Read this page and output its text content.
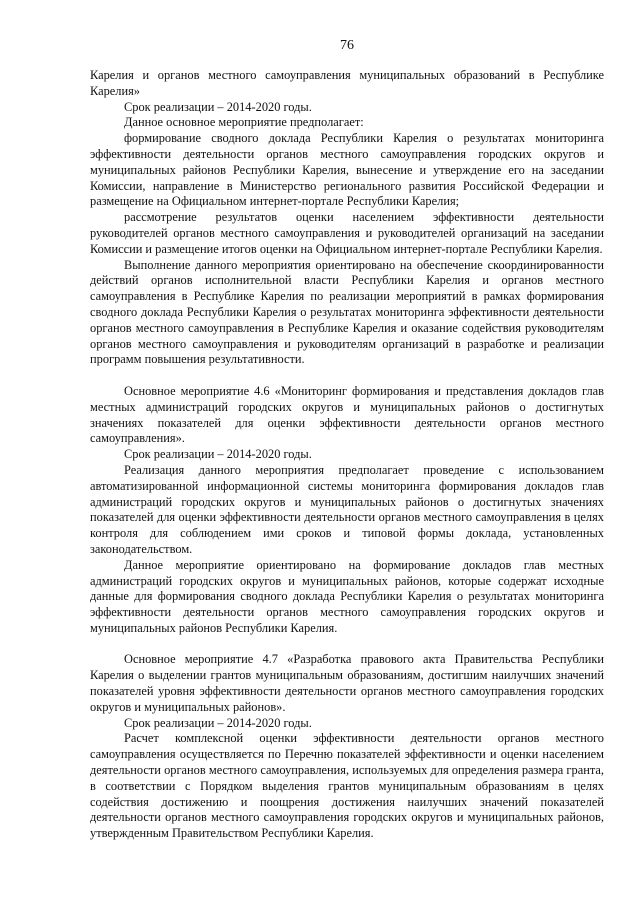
76

Карелия и органов местного самоуправления муниципальных образований в Республике Карелия»

Срок реализации – 2014-2020 годы.

Данное основное мероприятие предполагает:

формирование сводного доклада Республики Карелия о результатах мониторинга эффективности деятельности органов местного самоуправления городских округов и муниципальных районов Республики Карелия, вынесение и утверждение его на заседании Комиссии, направление в Министерство регионального развития Российской Федерации и размещение на Официальном интернет-портале Республики Карелия;

рассмотрение результатов оценки населением эффективности деятельности руководителей органов местного самоуправления и руководителей организаций на заседании Комиссии и размещение итогов оценки на Официальном интернет-портале Республики Карелия.

Выполнение данного мероприятия ориентировано на обеспечение скоординированности действий органов исполнительной власти Республики Карелия и органов местного самоуправления в Республике Карелия по реализации мероприятий в рамках формирования сводного доклада Республики Карелия о результатах мониторинга эффективности деятельности органов местного самоуправления в Республике Карелия и оказание содействия руководителям органов местного самоуправления и руководителям организаций в разработке и реализации программ повышения результативности.

Основное мероприятие 4.6 «Мониторинг формирования и представления докладов глав местных администраций городских округов и муниципальных районов о достигнутых значениях показателей для оценки эффективности деятельности органов местного самоуправления».

Срок реализации – 2014-2020 годы.

Реализация данного мероприятия предполагает проведение с использованием автоматизированной информационной системы мониторинга формирования докладов глав администраций городских округов и муниципальных районов о достигнутых значениях показателей для оценки эффективности деятельности органов местного самоуправления в целях контроля для соблюдением ими сроков и типовой формы доклада, установленных законодательством.

Данное мероприятие ориентировано на формирование докладов глав местных администраций городских округов и муниципальных районов, которые содержат исходные данные для формирования сводного доклада Республики Карелия о результатах мониторинга эффективности деятельности органов местного самоуправления городских округов и муниципальных районов Республики Карелия.

Основное мероприятие 4.7 «Разработка правового акта Правительства Республики Карелия о выделении грантов муниципальным образованиям, достигшим наилучших значений показателей уровня эффективности деятельности органов местного самоуправления городских округов и муниципальных районов».

Срок реализации – 2014-2020 годы.

Расчет комплексной оценки эффективности деятельности органов местного самоуправления осуществляется по Перечню показателей эффективности и оценки населением деятельности органов местного самоуправления, используемых для определения размера гранта, в соответствии с Порядком выделения грантов муниципальным образованиям в целях содействия достижению и поощрения достижения наилучших значений показателей деятельности органов местного самоуправления городских округов и муниципальных районов, утвержденным Правительством Республики Карелия.
